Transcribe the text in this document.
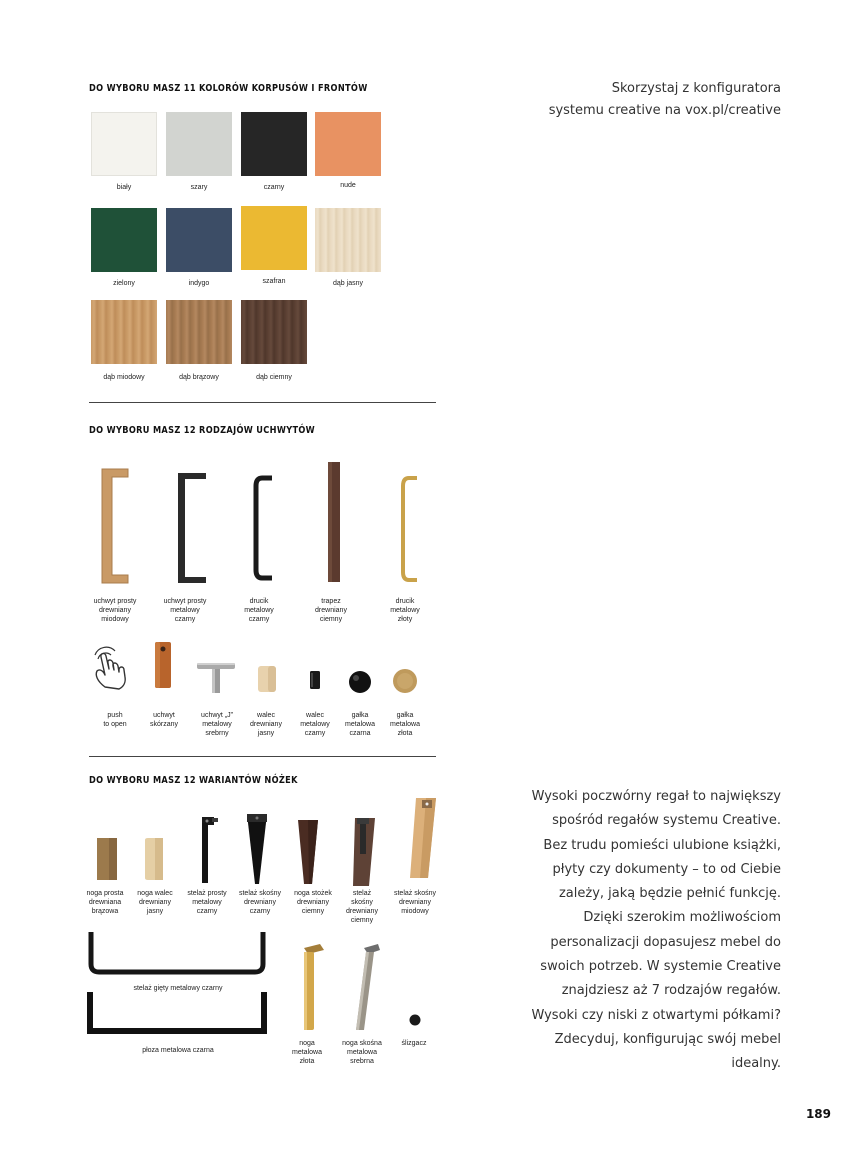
Skorzystaj z konfiguratora
systemu creative na vox.pl/creative
DO WYBORU MASZ 11 KOLORÓW KORPUSÓW I FRONTÓW
biały	szary	czarny	nude
zielony	indygo	szafran	dąb jasny
dąb miodowy	dąb brązowy	dąb ciemny
DO WYBORU MASZ 12 RODZAJÓW UCHWYTÓW
uchwyt prosty
drewniany
miodowy
uchwyt prosty
metalowy
czarny
drucik
metalowy
czarny
trapez
drewniany
ciemny
drucik
metalowy
złoty
push
to open
uchwyt
skórzany
uchwyt „J”
metalowy
srebrny
walec
drewniany
jasny
walec
metalowy
czarny
gałka
metalowa
czarna
gałka
metalowa
złota
DO WYBORU MASZ 12 WARIANTÓW NÓŻEK
noga prosta
drewniana
brązowa
noga walec
drewniany
jasny
stelaż prosty
metalowy
czarny
stelaż skośny
drewniany
czarny
noga stożek
drewniany
ciemny
stelaż
skośny
drewniany
ciemny
stelaż skośny
drewniany
miodowy
stelaż gięty metalowy czarny
płoza metalowa czarna
noga
metalowa
złota
noga skośna
metalowa
srebrna
ślizgacz
Wysoki poczwórny regał to największy
spośród regałów systemu Creative.
Bez trudu pomieści ulubione książki,
płyty czy dokumenty – to od Ciebie
zależy, jaką będzie pełnić funkcję.
Dzięki szerokim możliwościom
personalizacji dopasujesz mebel do
swoich potrzeb. W systemie Creative
znajdziesz aż 7 rodzajów regałów.
Wysoki czy niski z otwartymi półkami?
Zdecyduj, konfigurując swój mebel
idealny.
189
